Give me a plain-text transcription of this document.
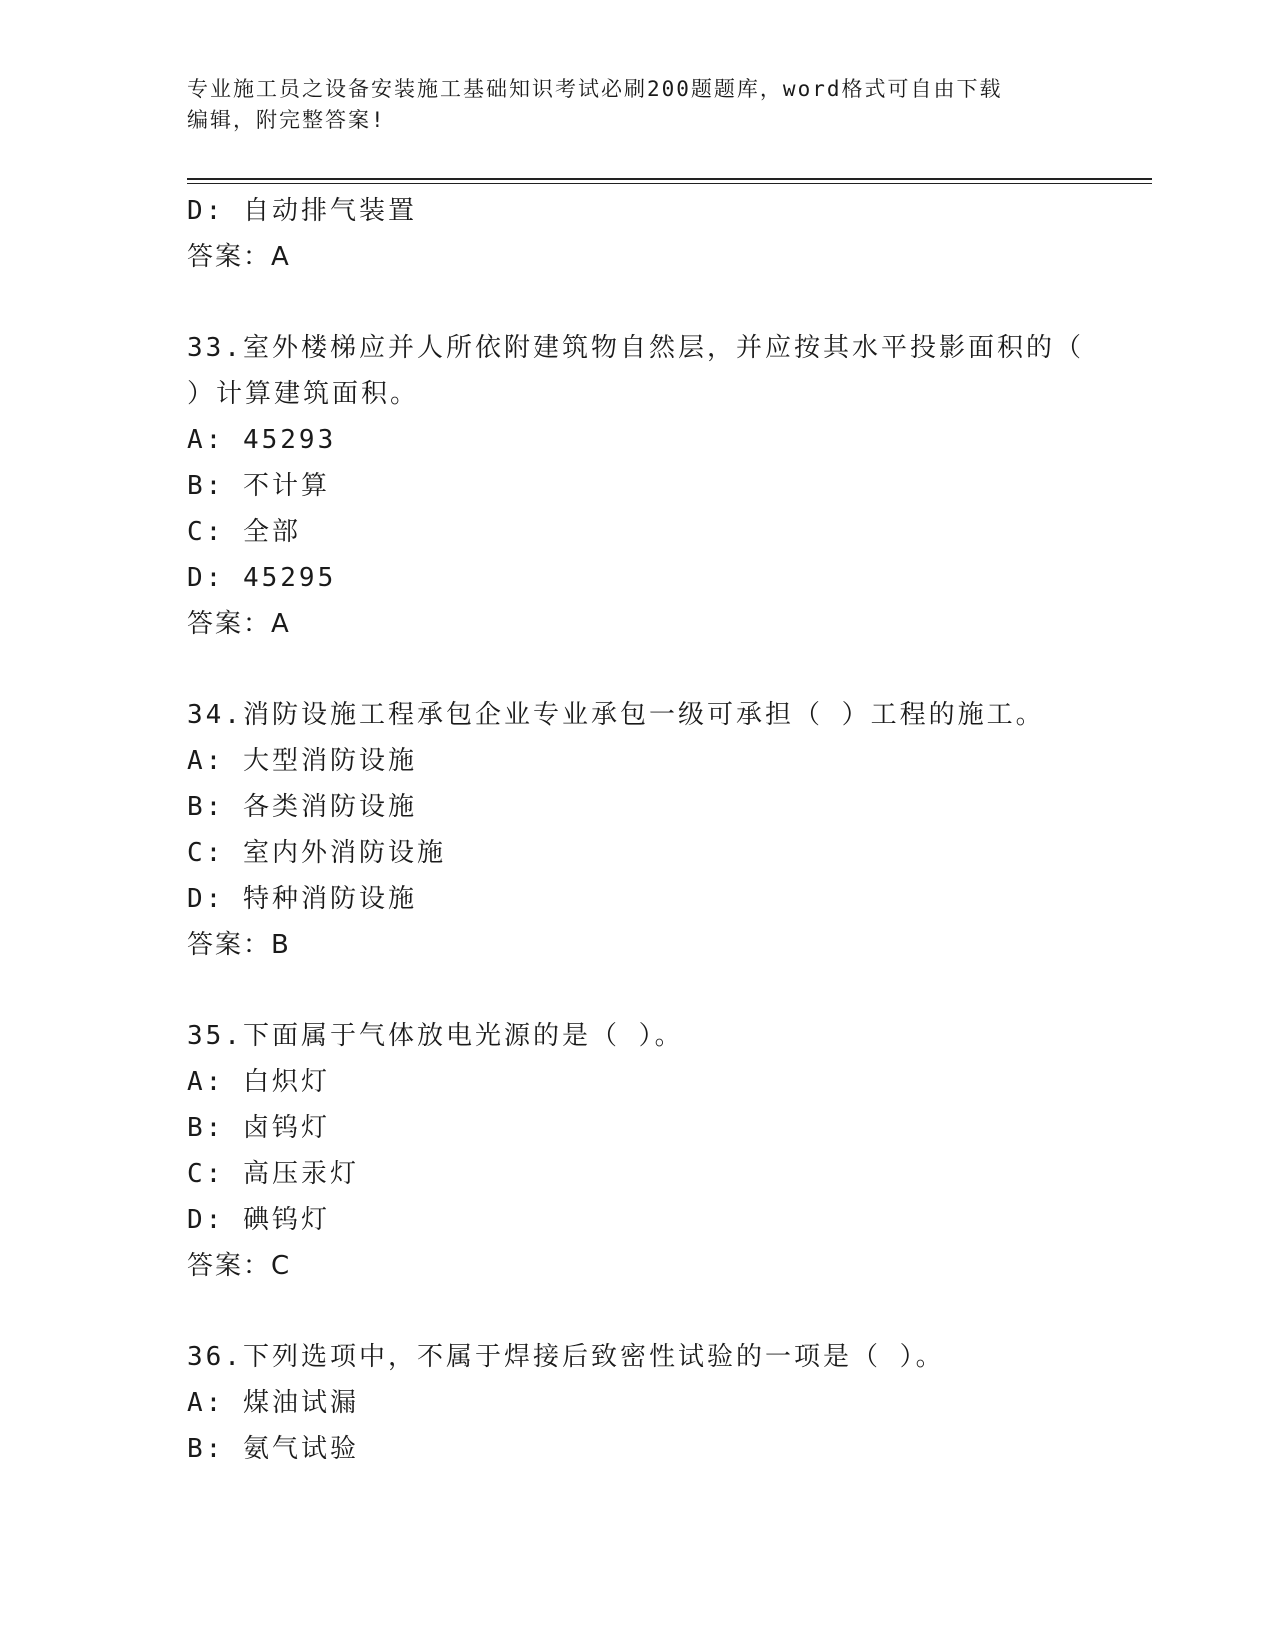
专业施工员之设备安装施工基础知识考试必刷200题题库，word格式可自由下载
编辑，附完整答案!
D: 自动排气装置
答案：A
33.室外楼梯应并人所依附建筑物自然层，并应按其水平投影面积的（
）计算建筑面积。
A: 45293
B: 不计算
C: 全部
D: 45295
答案：A
34.消防设施工程承包企业专业承包一级可承担（ ）工程的施工。
A: 大型消防设施
B: 各类消防设施
C: 室内外消防设施
D: 特种消防设施
答案：B
35.下面属于气体放电光源的是（ ）。
A: 白炽灯
B: 卤钨灯
C: 高压汞灯
D: 碘钨灯
答案：C
36.下列选项中，不属于焊接后致密性试验的一项是（ ）。
A: 煤油试漏
B: 氨气试验
